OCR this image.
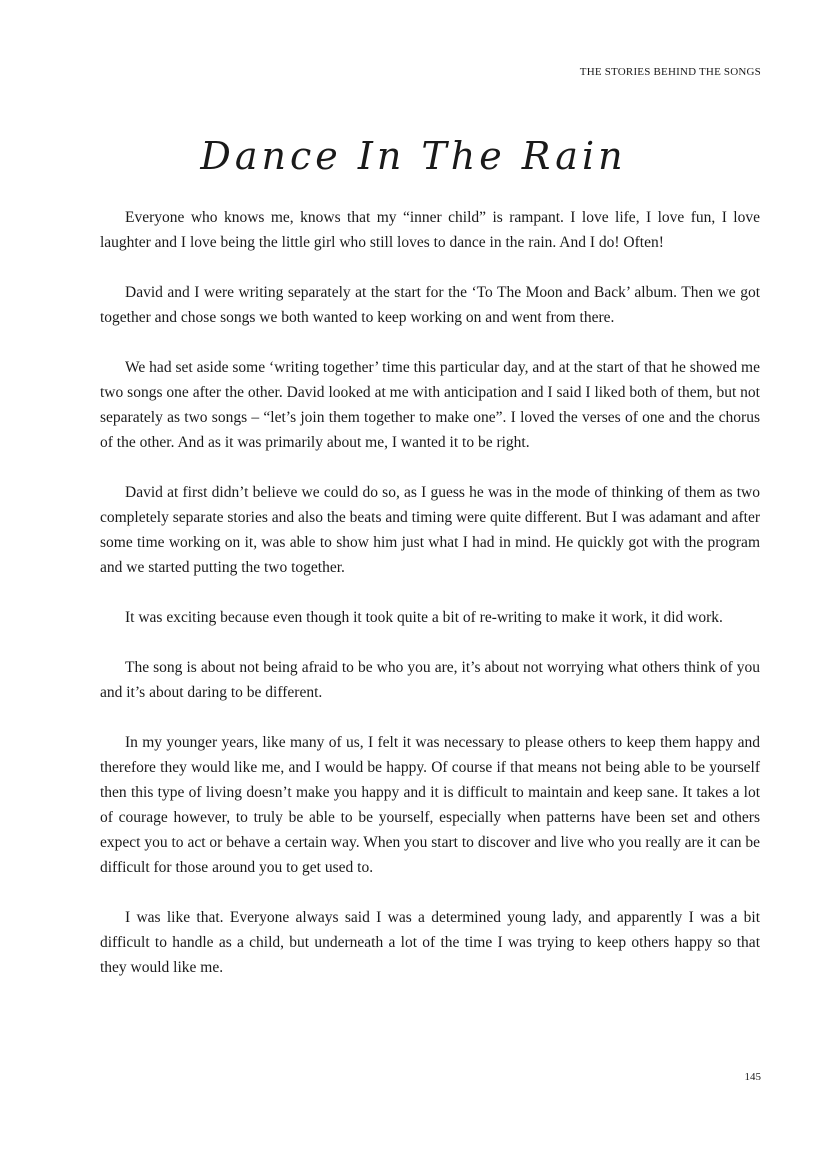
THE STORIES BEHIND THE SONGS
Dance In The Rain

Everyone who knows me, knows that my “inner child” is rampant. I love life, I love fun, I love laughter and I love being the little girl who still loves to dance in the rain. And I do! Often!

David and I were writing separately at the start for the ‘To The Moon and Back’ album. Then we got together and chose songs we both wanted to keep working on and went from there.

We had set aside some ‘writing together’ time this particular day, and at the start of that he showed me two songs one after the other. David looked at me with anticipation and I said I liked both of them, but not separately as two songs – “let’s join them together to make one”. I loved the verses of one and the chorus of the other. And as it was primarily about me, I wanted it to be right.

David at first didn’t believe we could do so, as I guess he was in the mode of thinking of them as two completely separate stories and also the beats and timing were quite different. But I was adamant and after some time working on it, was able to show him just what I had in mind. He quickly got with the program and we started putting the two together.

It was exciting because even though it took quite a bit of re-writing to make it work, it did work.

The song is about not being afraid to be who you are, it’s about not worrying what others think of you and it’s about daring to be different.

In my younger years, like many of us, I felt it was necessary to please others to keep them happy and therefore they would like me, and I would be happy. Of course if that means not being able to be yourself then this type of living doesn’t make you happy and it is difficult to maintain and keep sane. It takes a lot of courage however, to truly be able to be yourself, especially when patterns have been set and others expect you to act or behave a certain way. When you start to discover and live who you really are it can be difficult for those around you to get used to.

I was like that. Everyone always said I was a determined young lady, and apparently I was a bit difficult to handle as a child, but underneath a lot of the time I was trying to keep others happy so that they would like me.

145
